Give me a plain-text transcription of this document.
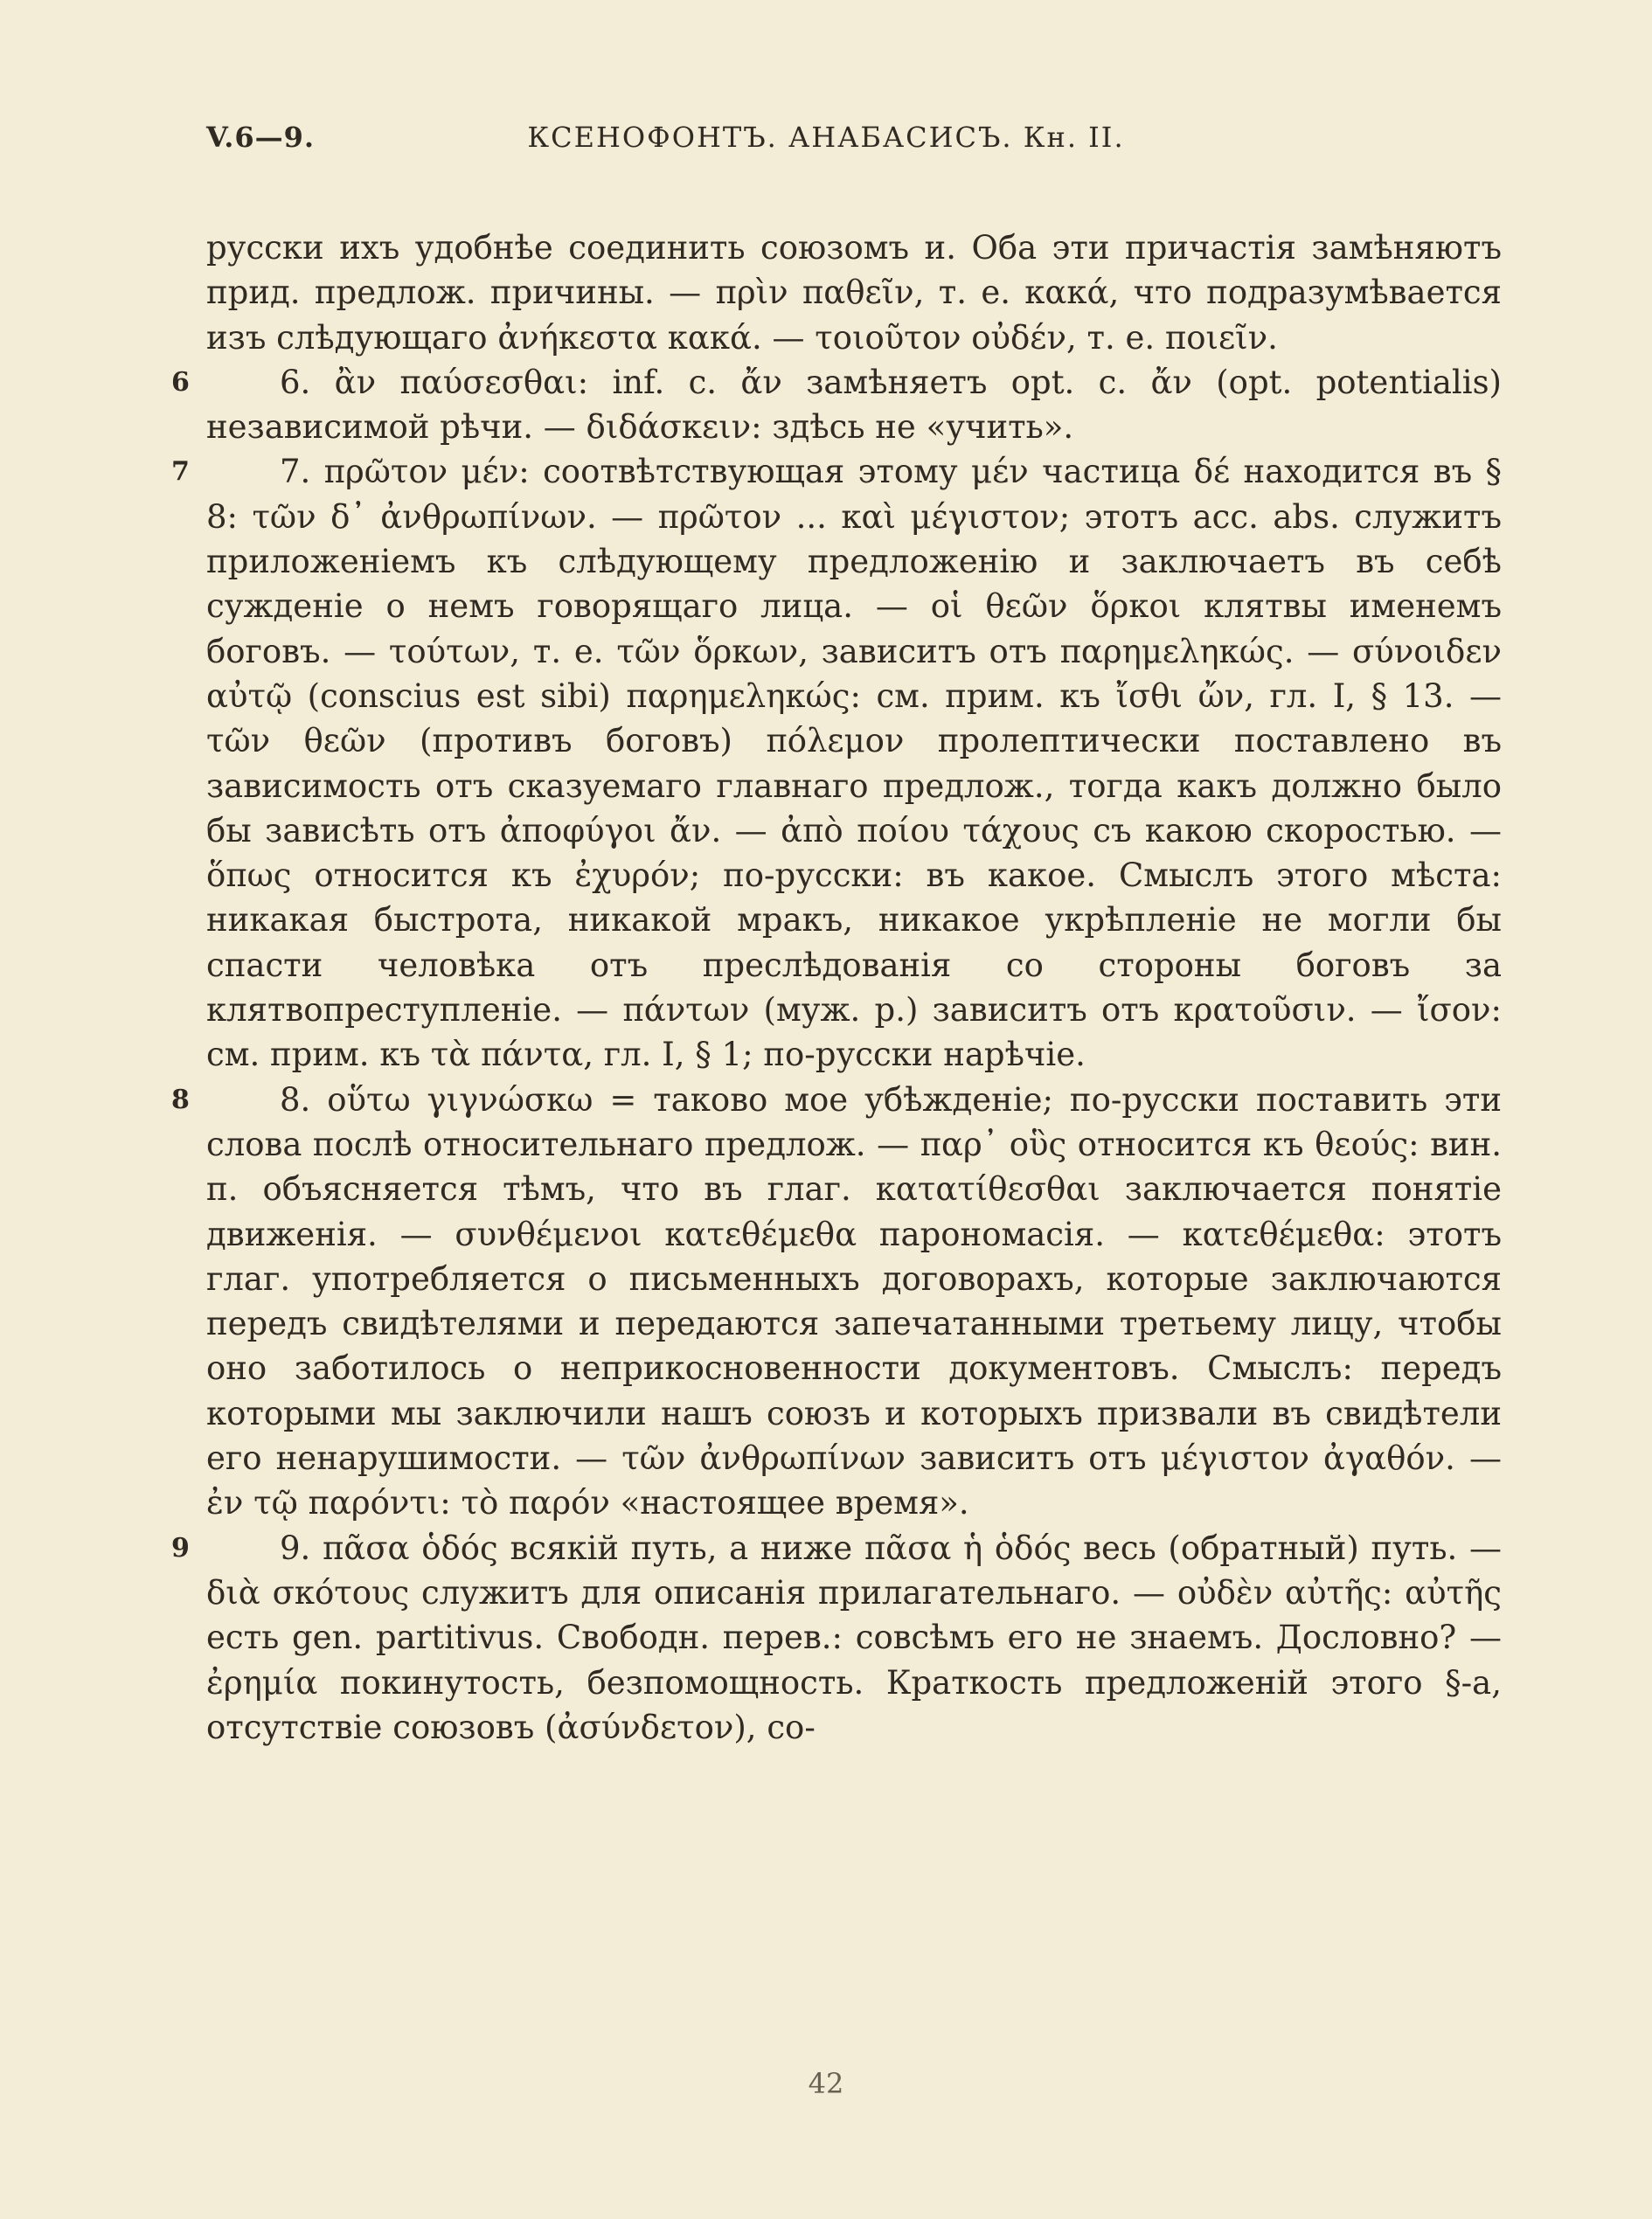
V.6—9.	КСЕНОФОНТЪ. АНАБАСИСЪ. Кн. II.

русски ихъ удобнѣе соединить союзомъ и. Оба эти причастія замѣняютъ прид. предлож. причины. — πρὶν παθεῖν, т. е. κακά, что подразумѣвается изъ слѣдующаго ἀνήκεστα κακά. — τοιοῦτον οὐδέν, т. е. ποιεῖν.

6	6. ἂν παύσεσθαι: inf. c. ἄν замѣняетъ opt. c. ἄν (opt. potentialis) независимой рѣчи. — διδάσκειν: здѣсь не «учить».

7	7. πρῶτον μέν: соотвѣтствующая этому μέν частица δέ находится въ § 8: τῶν δ᾽ ἀνθρωπίνων. — πρῶτον ... καὶ μέγιστον; этотъ acc. abs. служитъ приложеніемъ къ слѣдующему предложенію и заключаетъ въ себѣ сужденіе о немъ говорящаго лица. — οἱ θεῶν ὅρκοι клятвы именемъ боговъ. — τούτων, т. е. τῶν ὅρκων, зависитъ отъ παρημεληκώς. — σύνοιδεν αὐτῷ (conscius est sibi) παρημεληκώς: см. прим. къ ἴσθι ὤν, гл. I, § 13. — τῶν θεῶν (противъ боговъ) πόλεμον пролептически поставлено въ зависимость отъ сказуемаго главнаго предлож., тогда какъ должно было бы зависѣть отъ ἀποφύγοι ἄν. — ἀπὸ ποίου τάχους съ какою скоростью. — ὅπως относится къ ἐχυρόν; по-русски: въ какое. Смыслъ этого мѣста: никакая быстрота, никакой мракъ, никакое укрѣпленіе не могли бы спасти человѣка отъ преслѣдованія со стороны боговъ за клятвопреступленіе. — πάντων (муж. р.) зависитъ отъ κρατοῦσιν. — ἴσον: см. прим. къ τὰ πάντα, гл. I, § 1; по-русски нарѣчіе.

8	8. οὕτω γιγνώσκω = таково мое убѣжденіе; по-русски поставить эти слова послѣ относительнаго предлож. — παρ᾽ οὓς относится къ θεούς: вин. п. объясняется тѣмъ, что въ глаг. κατατίθεσθαι заключается понятіе движенія. — συνθέμενοι κατεθέμεθα парономасія. — κατεθέμεθα: этотъ глаг. употребляется о письменныхъ договорахъ, которые заключаются передъ свидѣтелями и передаются запечатанными третьему лицу, чтобы оно заботилось о неприкосновенности документовъ. Смыслъ: передъ которыми мы заключили нашъ союзъ и которыхъ призвали въ свидѣтели его ненарушимости. — τῶν ἀνθρωπίνων зависитъ отъ μέγιστον ἀγαθόν. — ἐν τῷ παρόντι: τὸ παρόν «настоящее время».

9	9. πᾶσα ὁδός всякій путь, а ниже πᾶσα ἡ ὁδός весь (обратный) путь. — διὰ σκότους служитъ для описанія прилагательнаго. — οὐδὲν αὐτῆς: αὐτῆς есть gen. partitivus. Свободн. перев.: совсѣмъ его не знаемъ. Дословно? — ἐρημία покинутость, безпомощность. Краткость предложеній этого §-а, отсутствіе союзовъ (ἀσύνδετον), со-

42
